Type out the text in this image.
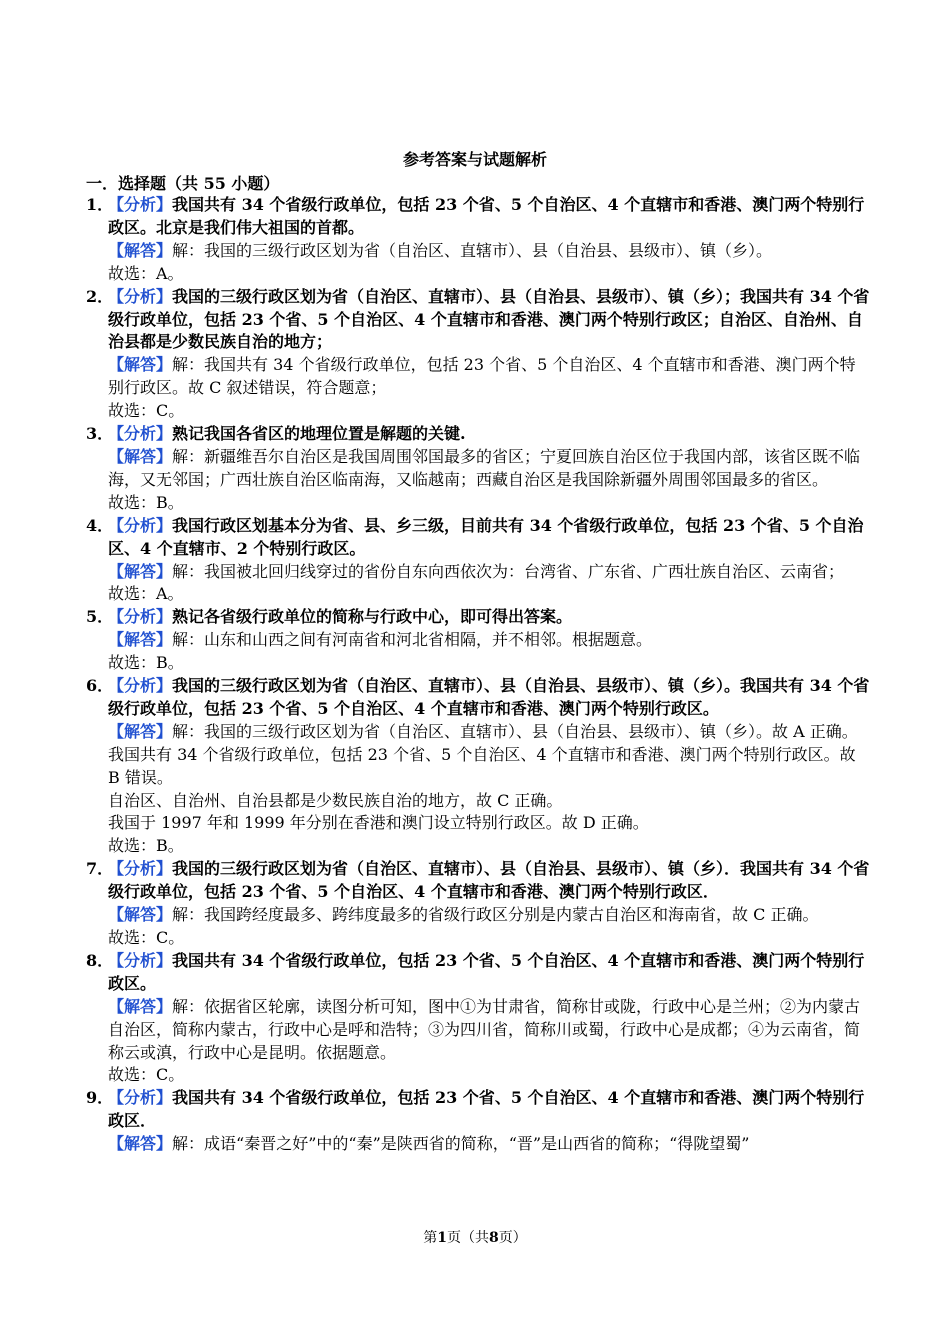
参考答案与试题解析
一．选择题（共 55 小题）
1．
【分析】我国共有 34 个省级行政单位，包括 23 个省、5 个自治区、4 个直辖市和香港、澳门两个特别行政区。北京是我们伟大祖国的首都。
【解答】解：我国的三级行政区划为省（自治区、直辖市）、县（自治县、县级市）、镇（乡）。
故选：A。
2．
【分析】我国的三级行政区划为省（自治区、直辖市）、县（自治县、县级市）、镇（乡）；我国共有 34 个省级行政单位，包括 23 个省、5 个自治区、4 个直辖市和香港、澳门两个特别行政区；自治区、自治州、自治县都是少数民族自治的地方；
【解答】解：我国共有 34 个省级行政单位，包括 23 个省、5 个自治区、4 个直辖市和香港、澳门两个特别行政区。故 C 叙述错误，符合题意；
故选：C。
3．
【分析】熟记我国各省区的地理位置是解题的关键.
【解答】解：新疆维吾尔自治区是我国周围邻国最多的省区；宁夏回族自治区位于我国内部，该省区既不临海，又无邻国；广西壮族自治区临南海，又临越南；西藏自治区是我国除新疆外周围邻国最多的省区。
故选：B。
4．
【分析】我国行政区划基本分为省、县、乡三级，目前共有 34 个省级行政单位，包括 23 个省、5 个自治区、4 个直辖市、2 个特别行政区。
【解答】解：我国被北回归线穿过的省份自东向西依次为：台湾省、广东省、广西壮族自治区、云南省；
故选：A。
5．
【分析】熟记各省级行政单位的简称与行政中心，即可得出答案。
【解答】解：山东和山西之间有河南省和河北省相隔，并不相邻。根据题意。
故选：B。
6．
【分析】我国的三级行政区划为省（自治区、直辖市）、县（自治县、县级市）、镇（乡）。我国共有 34 个省级行政单位，包括 23 个省、5 个自治区、4 个直辖市和香港、澳门两个特别行政区。
【解答】解：我国的三级行政区划为省（自治区、直辖市）、县（自治县、县级市）、镇（乡）。故 A 正确。
我国共有 34 个省级行政单位，包括 23 个省、5 个自治区、4 个直辖市和香港、澳门两个特别行政区。故 B 错误。
自治区、自治州、自治县都是少数民族自治的地方，故 C 正确。
我国于 1997 年和 1999 年分别在香港和澳门设立特别行政区。故 D 正确。
故选：B。
7．
【分析】我国的三级行政区划为省（自治区、直辖市）、县（自治县、县级市）、镇（乡）．我国共有 34 个省级行政单位，包括 23 个省、5 个自治区、4 个直辖市和香港、澳门两个特别行政区．
【解答】解：我国跨经度最多、跨纬度最多的省级行政区分别是内蒙古自治区和海南省，故 C 正确。
故选：C。
8．
【分析】我国共有 34 个省级行政单位，包括 23 个省、5 个自治区、4 个直辖市和香港、澳门两个特别行政区。
【解答】解：依据省区轮廓，读图分析可知，图中①为甘肃省，简称甘或陇，行政中心是兰州；②为内蒙古自治区，简称内蒙古，行政中心是呼和浩特；③为四川省，简称川或蜀，行政中心是成都；④为云南省，简称云或滇，行政中心是昆明。依据题意。
故选：C。
9．
【分析】我国共有 34 个省级行政单位，包括 23 个省、5 个自治区、4 个直辖市和香港、澳门两个特别行政区．
【解答】解：成语“秦晋之好”中的“秦”是陕西省的简称，“晋”是山西省的简称；“得陇望蜀”
第1页（共8页）
